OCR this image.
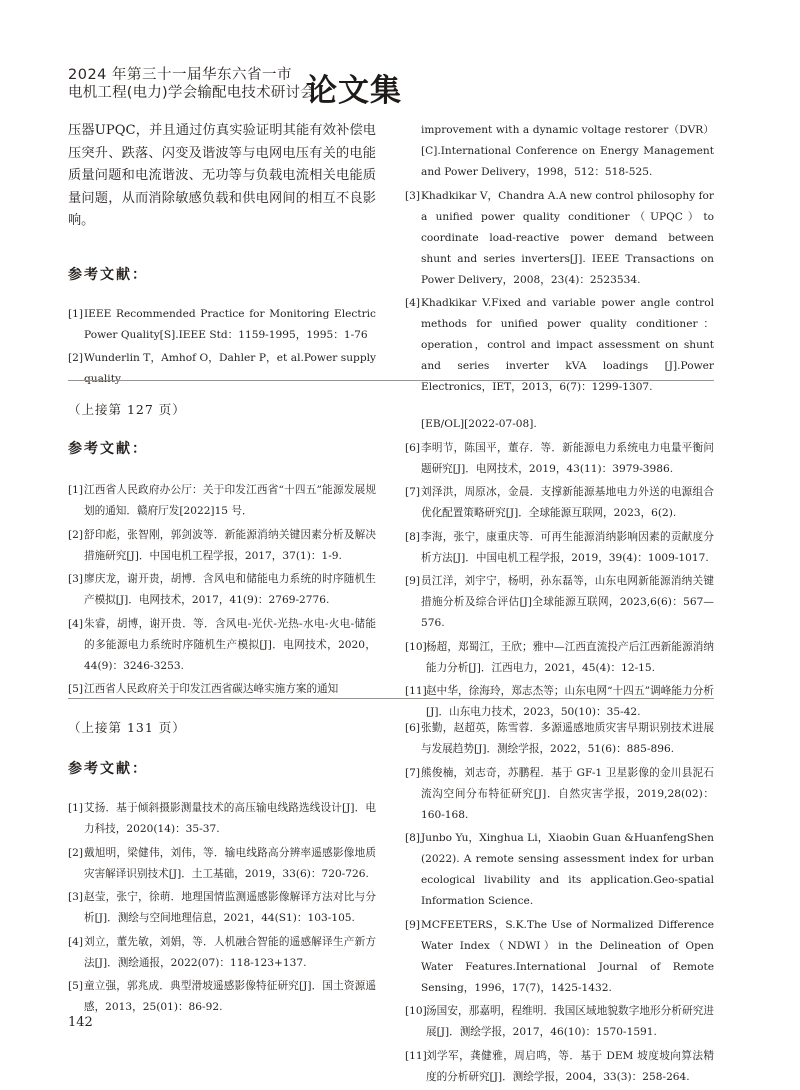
2024 年第三十一届华东六省一市
电机工程(电力)学会输配电技术研讨会
论文集

压器UPQC，并且通过仿真实验证明其能有效补偿电压突升、跌落、闪变及谐波等与电网电压有关的电能质量问题和电流谐波、无功等与负载电流相关电能质量问题，从而消除敏感负载和供电网间的相互不良影响。

参考文献：

[1] IEEE Recommended Practice for Monitoring Electric Power Quality[S].IEEE Std：1159-1995，1995：1-76
[2] Wunderlin T，Amhof O，Dahler P，et al.Power supply quality
improvement with a dynamic voltage restorer（DVR）[C].International Conference on Energy Management and Power Delivery，1998，512：518-525.
[3] Khadkikar V，Chandra A.A new control philosophy for a unified power quality conditioner（UPQC）to coordinate load-reactive power demand between shunt and series inverters[J]. IEEE Transactions on Power Delivery，2008，23(4)：2523534.
[4] Khadkikar V.Fixed and variable power angle control methods for unified power quality conditioner：operation，control and impact assessment on shunt and series inverter kVA loadings [J].Power Electronics，IET，2013，6(7)：1299-1307.

（上接第 127 页）

参考文献：

[1] 江西省人民政府办公厅：关于印发江西省“十四五”能源发展规划的通知．赣府厅发[2022]15 号．
[2] 舒印彪，张智刚，郭剑波等．新能源消纳关键因素分析及解决措施研究[J]．中国电机工程学报，2017，37(1)：1-9.
[3] 廖庆龙，谢开贵，胡博．含风电和储能电力系统的时序随机生产模拟[J]．电网技术，2017，41(9)：2769-2776.
[4] 朱睿，胡博，谢开贵．等．含风电-光伏-光热-水电-火电-储能的多能源电力系统时序随机生产模拟[J]．电网技术，2020，44(9)：3246-3253.
[5] 江西省人民政府关于印发江西省碳达峰实施方案的通知
[EB/OL][2022-07-08].
[6] 李明节，陈国平，董存．等．新能源电力系统电力电量平衡问题研究[J]．电网技术，2019，43(11)：3979-3986.
[7] 刘泽洪，周原冰，金晨．支撑新能源基地电力外送的电源组合优化配置策略研究[J]．全球能源互联网，2023，6(2).
[8] 李海，张宁，康重庆等．可再生能源消纳影响因素的贡献度分析方法[J]．中国电机工程学报，2019，39(4)：1009-1017.
[9] 员江洋，刘宇宁，杨明，孙东磊等，山东电网新能源消纳关键措施分析及综合评估[J]全球能源互联网，2023,6(6)：567—576.
[10] 杨超，郑蜀江，王欣；雅中—江西直流投产后江西新能源消纳能力分析[J]．江西电力，2021，45(4)：12-15.
[11] 赵中华，徐海玲，郑志杰等；山东电网“十四五”调峰能力分析[J]．山东电力技术，2023，50(10)：35-42.

（上接第 131 页）

参考文献：

[1] 艾扬．基于倾斜摄影测量技术的高压输电线路选线设计[J]．电力科技，2020(14)：35-37.
[2] 戴旭明，梁健伟，刘伟，等．输电线路高分辨率遥感影像地质灾害解译识别技术[J]．土工基础，2019，33(6)：720-726.
[3] 赵莹，张宁，徐萌．地理国情监测遥感影像解译方法对比与分析[J]．测绘与空间地理信息，2021，44(S1)：103-105.
[4] 刘立，董先敏，刘娟，等．人机融合智能的遥感解译生产新方法[J]．测绘通报，2022(07)：118-123+137.
[5] 童立强，郭兆成．典型滑坡遥感影像特征研究[J]．国土资源遥感，2013，25(01)：86-92.
[6] 张勤，赵超英，陈雪蓉．多源遥感地质灾害早期识别技术进展与发展趋势[J]．测绘学报，2022，51(6)：885-896.
[7] 熊俊楠，刘志奇，苏鹏程．基于 GF-1 卫星影像的金川县泥石流沟空间分布特征研究[J]．自然灾害学报，2019,28(02)：160-168.
[8] Junbo Yu，Xinghua Li，Xiaobin Guan &HuanfengShen (2022). A remote sensing assessment index for urban ecological livability and its application.Geo-spatial Information Science.
[9] MCFEETERS，S.K.The Use of Normalized Difference Water Index（NDWI）in the Delineation of Open Water Features.International Journal of Remote Sensing，1996，17(7)，1425-1432.
[10] 汤国安，那嘉明，程维明．我国区域地貌数字地形分析研究进展[J]．测绘学报，2017，46(10)：1570-1591.
[11] 刘学军，龚健雅，周启鸣，等．基于 DEM 坡度坡向算法精度的分析研究[J]．测绘学报，2004，33(3)：258-264.
142
